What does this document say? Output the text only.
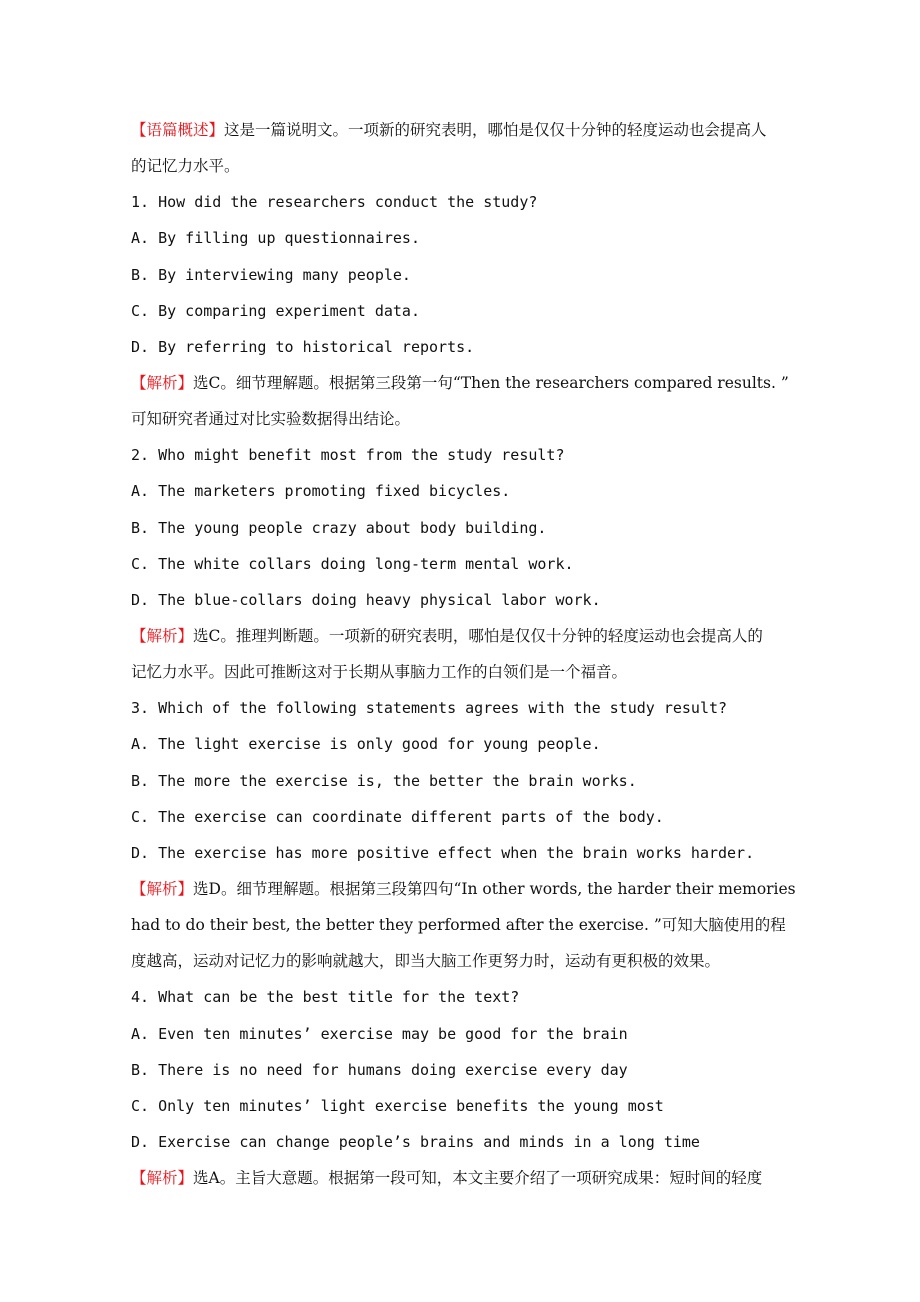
【语篇概述】这是一篇说明文。一项新的研究表明，哪怕是仅仅十分钟的轻度运动也会提高人
的记忆力水平。
1. How did the researchers conduct the study?
A. By filling up questionnaires.
B. By interviewing many people.
C. By comparing experiment data.
D. By referring to historical reports.
【解析】选C。细节理解题。根据第三段第一句“Then the researchers compared results. ”
可知研究者通过对比实验数据得出结论。
2. Who might benefit most from the study result?
A. The marketers promoting fixed bicycles.
B. The young people crazy about body building.
C. The white collars doing long-term mental work.
D. The blue-collars doing heavy physical labor work.
【解析】选C。推理判断题。一项新的研究表明，哪怕是仅仅十分钟的轻度运动也会提高人的
记忆力水平。因此可推断这对于长期从事脑力工作的白领们是一个福音。
3. Which of the following statements agrees with the study result?
A. The light exercise is only good for young people.
B. The more the exercise is, the better the brain works.
C. The exercise can coordinate different parts of the body.
D. The exercise has more positive effect when the brain works harder.
【解析】选D。细节理解题。根据第三段第四句“In other words, the harder their memories
had to do their best, the better they performed after the exercise. ”可知大脑使用的程
度越高，运动对记忆力的影响就越大，即当大脑工作更努力时，运动有更积极的效果。
4. What can be the best title for the text?
A. Even ten minutes’ exercise may be good for the brain
B. There is no need for humans doing exercise every day
C. Only ten minutes’ light exercise benefits the young most
D. Exercise can change people’s brains and minds in a long time
【解析】选A。主旨大意题。根据第一段可知，本文主要介绍了一项研究成果：短时间的轻度
